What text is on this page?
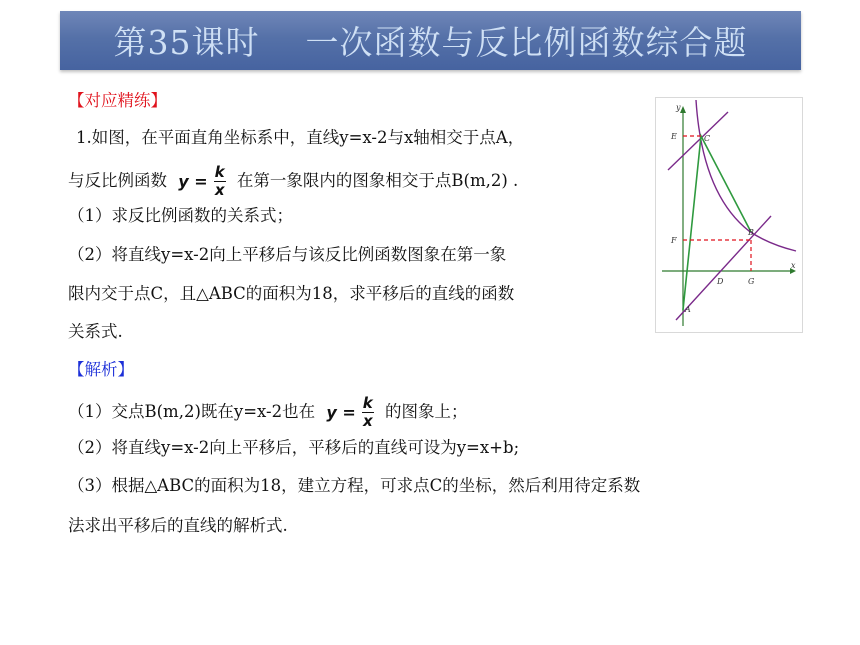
第35课时    一次函数与反比例函数综合题
【对应精练】
1.如图，在平面直角坐标系中，直线y=x-2与x轴相交于点A，
与反比例函数 $y = \frac{k}{x}$ 在第一象限内的图象相交于点B(m,2) .
（1）求反比例函数的关系式；
（2）将直线y=x-2向上平移后与该反比例函数图象在第一象
限内交于点C，且△ABC的面积为18，求平移后的直线的函数
关系式.
【解析】
（1）交点B(m,2)既在y=x-2也在 $y = \frac{k}{x}$ 的图象上；
（2）将直线y=x-2向上平移后，平移后的直线可设为y=x+b;
（3）根据△ABC的面积为18，建立方程，可求点C的坐标，然后利用待定系数
法求出平移后的直线的解析式.
y
x
E	C
F
B
D	G
A
